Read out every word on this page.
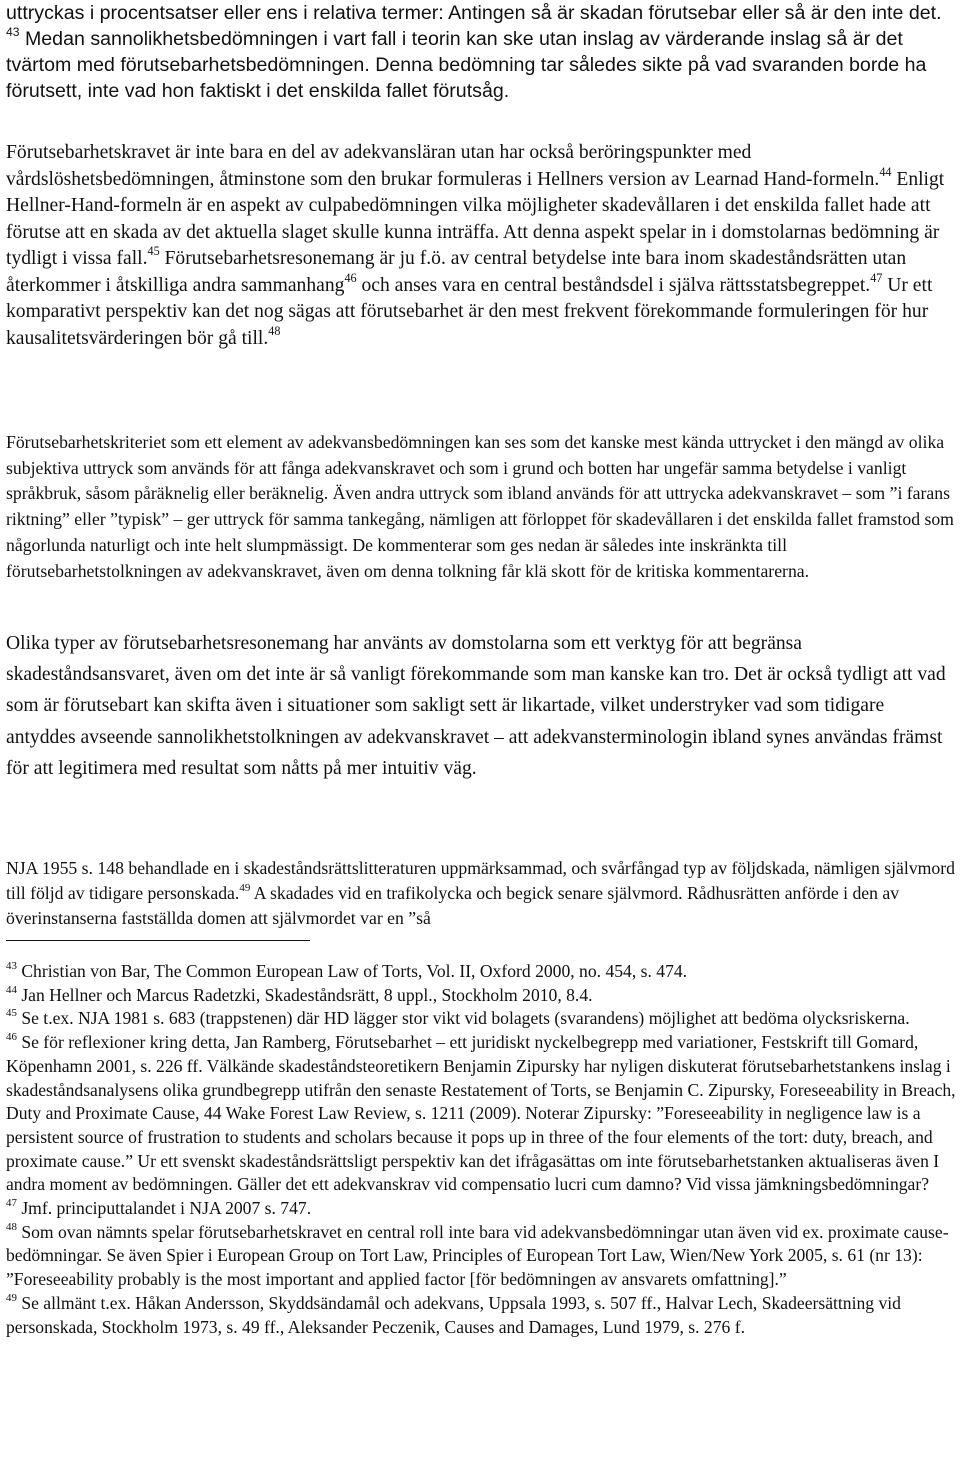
uttryckas i procentsatser eller ens i relativa termer: Antingen så är skadan förutsebar eller så är den inte det. $^{43}$ Medan sannolikhetsbedömningen i vart fall i teorin kan ske utan inslag av värderande inslag så är det tvärtom med förutsebarhetsbedömningen. Denna bedömning tar således sikte på vad svaranden borde ha förutsett, inte vad hon faktiskt i det enskilda fallet förutsåg.

Förutsebarhetskravet är inte bara en del av adekvansläran utan har också beröringspunkter med vårdslöshetsbedömningen, åtminstone som den brukar formuleras i Hellners version av Learnad Hand-formeln.$^{44}$ Enligt Hellner-Hand-formeln är en aspekt av culpabedömningen vilka möjligheter skadevållaren i det enskilda fallet hade att förutse att en skada av det aktuella slaget skulle kunna inträffa. Att denna aspekt spelar in i domstolarnas bedömning är tydligt i vissa fall.$^{45}$ Förutsebarhetsresonemang är ju f.ö. av central betydelse inte bara inom skadeståndsrätten utan återkommer i åtskilliga andra sammanhang$^{46}$ och anses vara en central beståndsdel i själva rättsstatsbegreppet.$^{47}$ Ur ett komparativt perspektiv kan det nog sägas att förutsebarhet är den mest frekvent förekommande formuleringen för hur kausalitetsvärderingen bör gå till.$^{48}$

Förutsebarhetskriteriet som ett element av adekvansbedömningen kan ses som det kanske mest kända uttrycket i den mängd av olika subjektiva uttryck som används för att fånga adekvanskravet och som i grund och botten har ungefär samma betydelse i vanligt språkbruk, såsom påräknelig eller beräknelig. Även andra uttryck som ibland används för att uttrycka adekvanskravet – som ”i farans riktning” eller ”typisk” – ger uttryck för samma tankegång, nämligen att förloppet för skadevållaren i det enskilda fallet framstod som någorlunda naturligt och inte helt slumpmässigt. De kommenterar som ges nedan är således inte inskränkta till förutsebarhetstolkningen av adekvanskravet, även om denna tolkning får klä skott för de kritiska kommentarerna.

Olika typer av förutsebarhetsresonemang har använts av domstolarna som ett verktyg för att begränsa skadeståndsansvaret, även om det inte är så vanligt förekommande som man kanske kan tro. Det är också tydligt att vad som är förutsebart kan skifta även i situationer som sakligt sett är likartade, vilket understryker vad som tidigare antyddes avseende sannolikhetstolkningen av adekvanskravet – att adekvansterminologin ibland synes användas främst för att legitimera med resultat som nåtts på mer intuitiv väg.

NJA 1955 s. 148 behandlade en i skadeståndsrättslitteraturen uppmärksammad, och svårfångad typ av följdskada, nämligen självmord till följd av tidigare personskada.$^{49}$ A skadades vid en trafikolycka och begick senare självmord. Rådhusrätten anförde i den av överinstanserna fastställda domen att självmordet var en ”så

$^{43}$ Christian von Bar, The Common European Law of Torts, Vol. II, Oxford 2000, no. 454, s. 474.

$^{44}$ Jan Hellner och Marcus Radetzki, Skadeståndsrätt, 8 uppl., Stockholm 2010, 8.4.

$^{45}$ Se t.ex. NJA 1981 s. 683 (trappstenen) där HD lägger stor vikt vid bolagets (svarandens) möjlighet att bedöma olycksriskerna.

$^{46}$ Se för reflexioner kring detta, Jan Ramberg, Förutsebarhet – ett juridiskt nyckelbegrepp med variationer, Festskrift till Gomard, Köpenhamn 2001, s. 226 ff. Välkände skadeståndsteoretikern Benjamin Zipursky har nyligen diskuterat förutsebarhetstankens inslag i skadeståndsanalysens olika grundbegrepp utifrån den senaste Restatement of Torts, se Benjamin C. Zipursky, Foreseeability in Breach, Duty and Proximate Cause, 44 Wake Forest Law Review, s. 1211 (2009). Noterar Zipursky: ”Foreseeability in negligence law is a persistent source of frustration to students and scholars because it pops up in three of the four elements of the tort: duty, breach, and proximate cause.” Ur ett svenskt skadeståndsrättsligt perspektiv kan det ifrågasättas om inte förutsebarhetstanken aktualiseras även I andra moment av bedömningen. Gäller det ett adekvanskrav vid compensatio lucri cum damno? Vid vissa jämkningsbedömningar?

$^{47}$ Jmf. principuttalandet i NJA 2007 s. 747.

$^{48}$ Som ovan nämnts spelar förutsebarhetskravet en central roll inte bara vid adekvansbedömningar utan även vid ex. proximate cause-bedömningar. Se även Spier i European Group on Tort Law, Principles of European Tort Law, Wien/New York 2005, s. 61 (nr 13): ”Foreseeability probably is the most important and applied factor [för bedömningen av ansvarets omfattning].”

$^{49}$ Se allmänt t.ex. Håkan Andersson, Skyddsändamål och adekvans, Uppsala 1993, s. 507 ff., Halvar Lech, Skadeersättning vid personskada, Stockholm 1973, s. 49 ff., Aleksander Peczenik, Causes and Damages, Lund 1979, s. 276 f.
